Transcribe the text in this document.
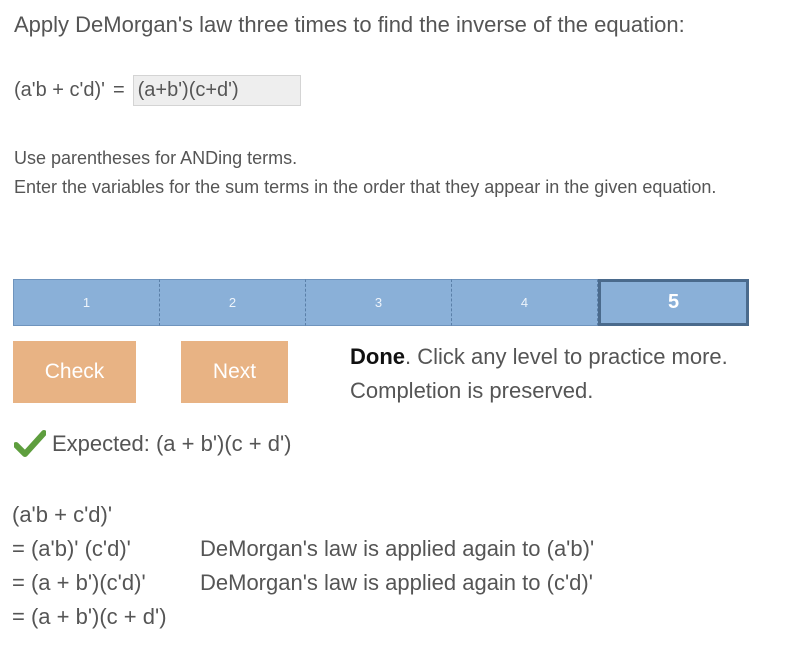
Apply DeMorgan's law three times to find the inverse of the equation:
(a'b + c'd)' =
(a+b')(c+d')

Use parentheses for ANDing terms.

Enter the variables for the sum terms in the order that they appear in the given equation.

1	2	3	4	5
Check	Next

Done. Click any level to practice more.

Completion is preserved.

Expected: (a + b')(c + d')
(a'b + c'd)'
= (a'b)' (c'd)'	DeMorgan's law is applied again to (a'b)'
= (a + b')(c'd)'	DeMorgan's law is applied again to (c'd)'
= (a + b')(c + d')
